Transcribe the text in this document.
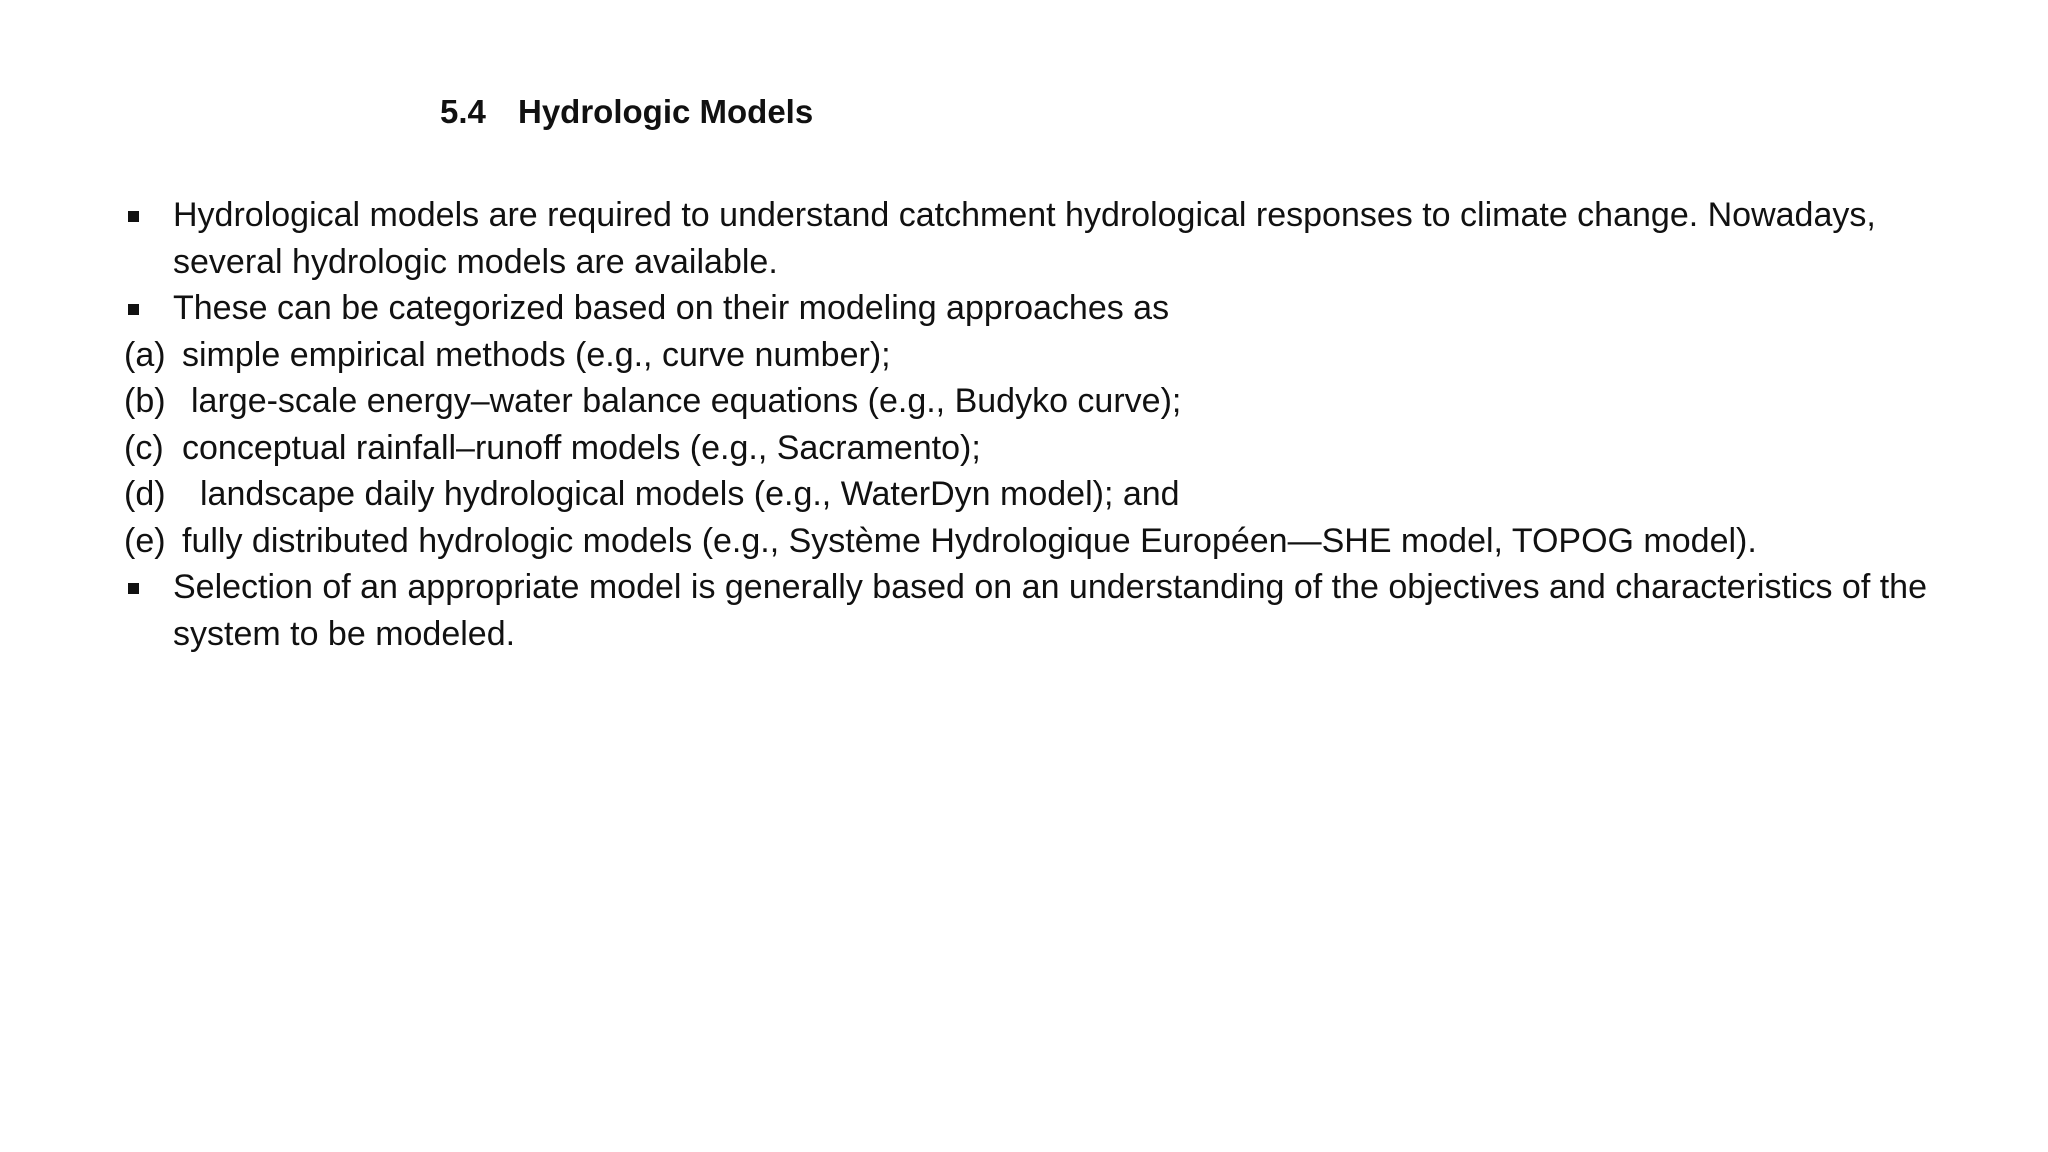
5.4 Hydrologic Models
Hydrological models are required to understand catchment hydrological responses to climate change. Nowadays, several hydrologic models are available.
These can be categorized based on their modeling approaches as
(a) simple empirical methods (e.g., curve number);
(b) large-scale energy–water balance equations (e.g., Budyko curve);
(c) conceptual rainfall–runoff models (e.g., Sacramento);
(d) landscape daily hydrological models (e.g., WaterDyn model); and
(e) fully distributed hydrologic models (e.g., Système Hydrologique Européen—SHE model, TOPOG model).
Selection of an appropriate model is generally based on an understanding of the objectives and characteristics of the system to be modeled.
